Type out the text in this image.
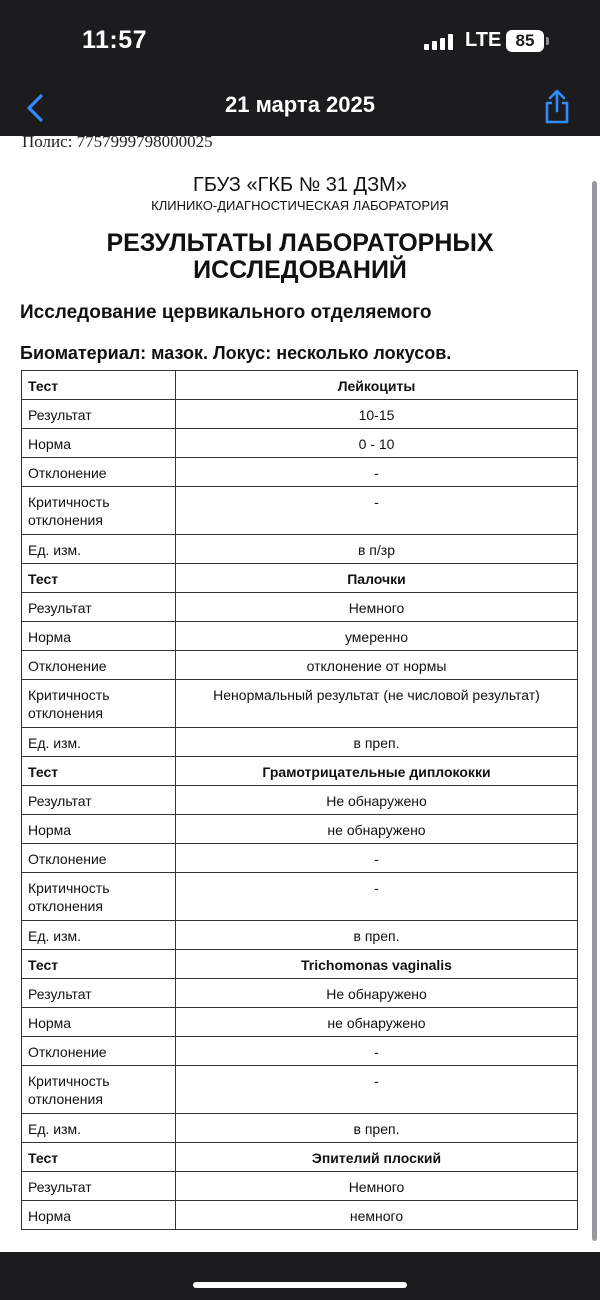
11:57	LTE 85
21 марта 2025
Полис: 7757999798000025
ГБУЗ «ГКБ № 31 ДЗМ»
КЛИНИКО-ДИАГНОСТИЧЕСКАЯ ЛАБОРАТОРИЯ
РЕЗУЛЬТАТЫ ЛАБОРАТОРНЫХ
ИССЛЕДОВАНИЙ
Исследование цервикального отделяемого
Биоматериал: мазок. Локус: несколько локусов.
Тест	Лейкоциты
Результат	10-15
Норма	0 - 10
Отклонение	-

Критичность
отклонения	-
Ед. изм.	в п/зр
Тест	Палочки
Результат	Немного
Норма	умеренно
Отклонение	отклонение от нормы

Критичность
отклонения	Ненормальный результат (не числовой результат)
Ед. изм.	в преп.
Тест	Грамотрицательные диплококки
Результат	Не обнаружено
Норма	не обнаружено
Отклонение	-

Критичность
отклонения	-
Ед. изм.	в преп.
Тест	Trichomonas vaginalis
Результат	Не обнаружено
Норма	не обнаружено
Отклонение	-

Критичность
отклонения	-
Ед. изм.	в преп.
Тест	Эпителий плоский
Результат	Немного
Норма	немного
